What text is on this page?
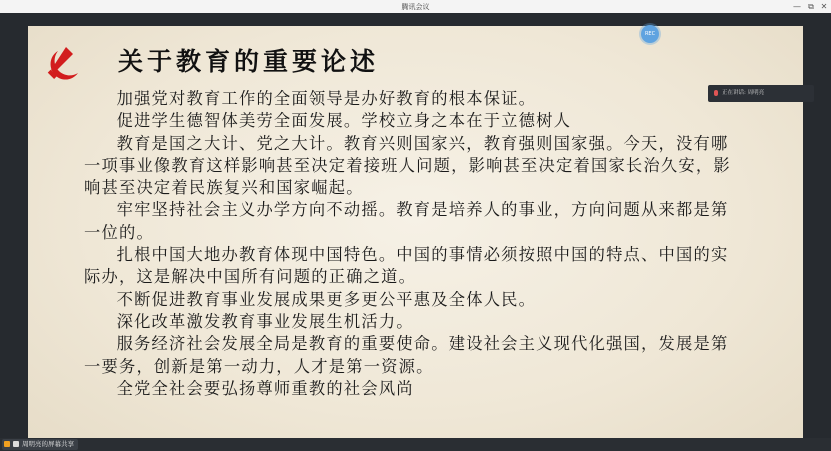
腾讯会议	— ⧉ ✕
关于教育的重要论述

加强党对教育工作的全面领导是办好教育的根本保证。

促进学生德智体美劳全面发展。学校立身之本在于立德树人

教育是国之大计、党之大计。教育兴则国家兴，教育强则国家强。今天，没有哪一项事业像教育这样影响甚至决定着接班人问题，影响甚至决定着国家长治久安，影响甚至决定着民族复兴和国家崛起。

牢牢坚持社会主义办学方向不动摇。教育是培养人的事业，方向问题从来都是第一位的。

扎根中国大地办教育体现中国特色。中国的事情必须按照中国的特点、中国的实际办，这是解决中国所有问题的正确之道。

不断促进教育事业发展成果更多更公平惠及全体人民。

深化改革激发教育事业发展生机活力。

服务经济社会发展全局是教育的重要使命。建设社会主义现代化强国，发展是第一要务，创新是第一动力，人才是第一资源。

全党全社会要弘扬尊师重教的社会风尚

REC
正在讲话: 周明亮
周明亮的屏幕共享
